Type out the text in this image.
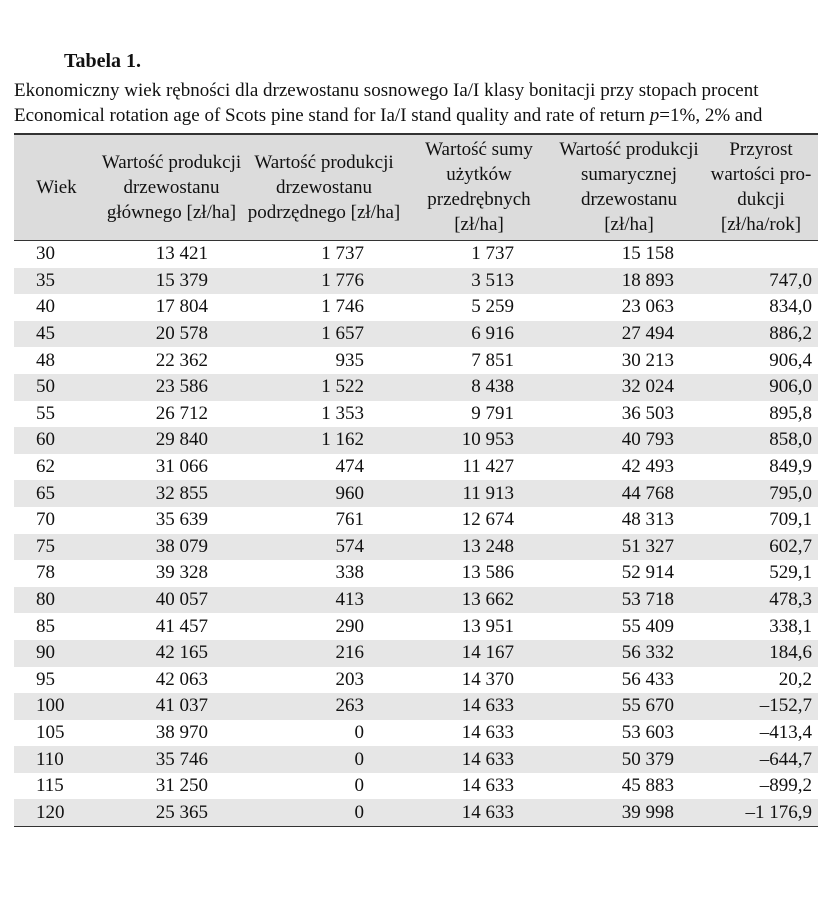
Tabela 1.
Ekonomiczny wiek rębności dla drzewostanu sosnowego Ia/I klasy bonitacji przy stopach procent
Economical rotation age of Scots pine stand for Ia/I stand quality and rate of return p=1%, 2% and
Wiek	Wartość produkcji drzewostanu głównego [zł/ha]	Wartość produkcji drzewostanu podrzędnego [zł/ha]	Wartość sumy użytków przedrębnych [zł/ha]	Wartość produkcji sumarycznej drzewostanu [zł/ha]	Przyrost wartości pro- dukcji [zł/ha/rok]
30	13 421	1 737	1 737	15 158	
35	15 379	1 776	3 513	18 893	747,0
40	17 804	1 746	5 259	23 063	834,0
45	20 578	1 657	6 916	27 494	886,2
48	22 362	935	7 851	30 213	906,4
50	23 586	1 522	8 438	32 024	906,0
55	26 712	1 353	9 791	36 503	895,8
60	29 840	1 162	10 953	40 793	858,0
62	31 066	474	11 427	42 493	849,9
65	32 855	960	11 913	44 768	795,0
70	35 639	761	12 674	48 313	709,1
75	38 079	574	13 248	51 327	602,7
78	39 328	338	13 586	52 914	529,1
80	40 057	413	13 662	53 718	478,3
85	41 457	290	13 951	55 409	338,1
90	42 165	216	14 167	56 332	184,6
95	42 063	203	14 370	56 433	20,2
100	41 037	263	14 633	55 670	–152,7
105	38 970	0	14 633	53 603	–413,4
110	35 746	0	14 633	50 379	–644,7
115	31 250	0	14 633	45 883	–899,2
120	25 365	0	14 633	39 998	–1 176,9
